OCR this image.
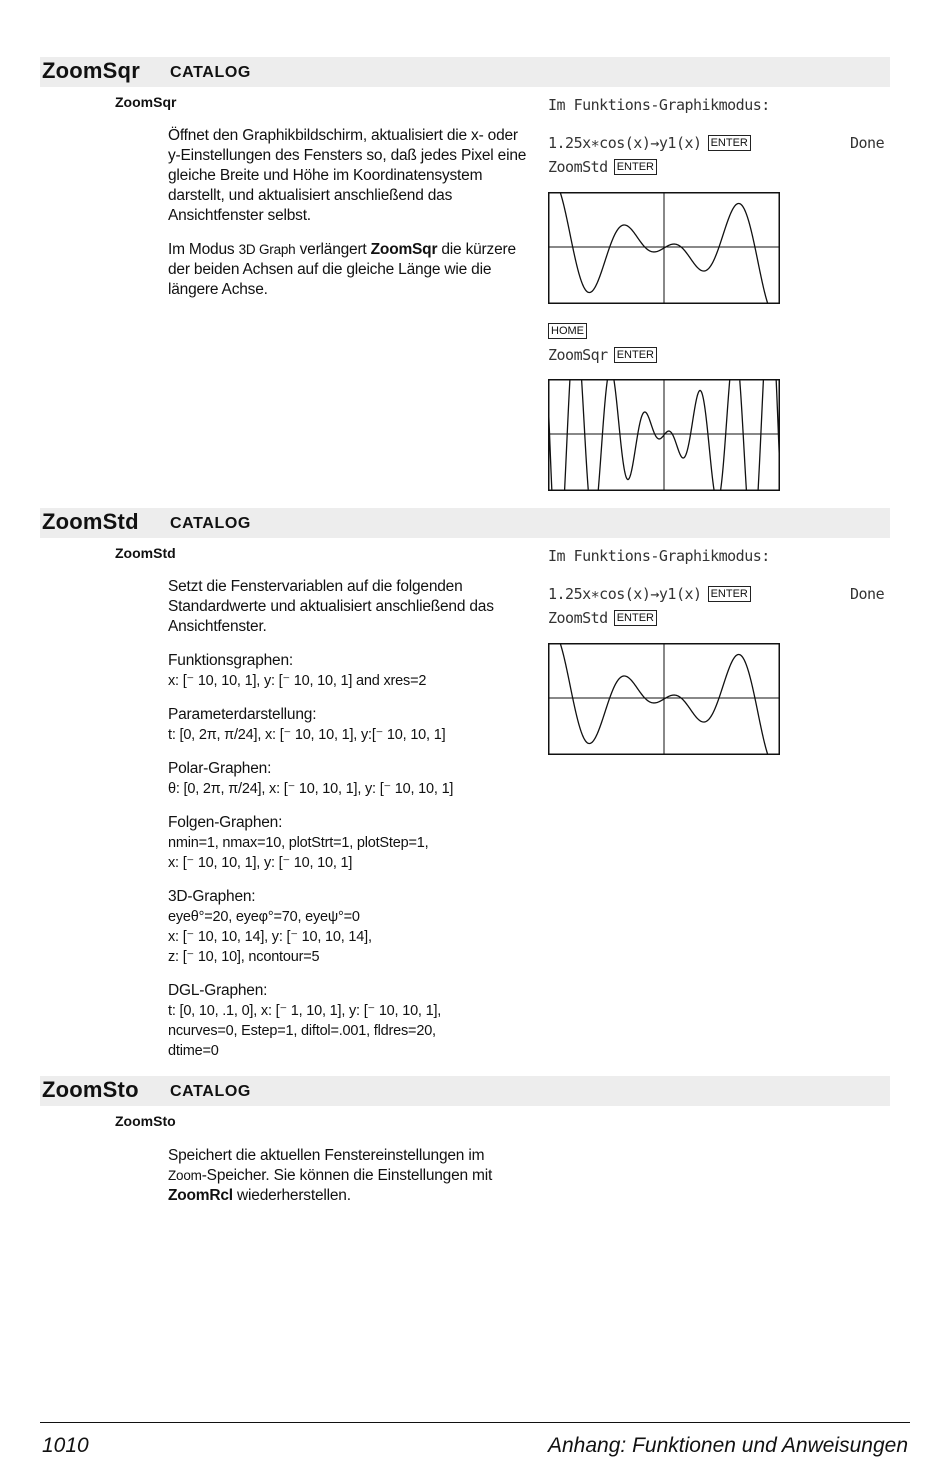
ZoomSqr CATALOG
ZoomSqr
Öffnet den Graphikbildschirm, aktualisiert die x- oder y-Einstellungen des Fensters so, daß jedes Pixel eine gleiche Breite und Höhe im Koordinatensystem darstellt, und aktualisiert anschließend das Ansichtfenster selbst.
Im Modus 3D Graph verlängert ZoomSqr die kürzere der beiden Achsen auf die gleiche Länge wie die längere Achse.
Im Funktions-Graphikmodus:
1.25x∗cos(x)→y1(x) ENTER	Done
ZoomStd ENTER
HOME
ZoomSqr ENTER
ZoomStd CATALOG
ZoomStd
Setzt die Fenstervariablen auf die folgenden Standardwerte und aktualisiert anschließend das Ansichtfenster.
Funktionsgraphen:
x: [⁻ 10, 10, 1], y: [⁻ 10, 10, 1] and xres=2
Parameterdarstellung:
t: [0, 2π, π/24], x: [⁻ 10, 10, 1], y:[⁻ 10, 10, 1]
Polar-Graphen:
θ: [0, 2π, π/24], x: [⁻ 10, 10, 1], y: [⁻ 10, 10, 1]
Folgen-Graphen:
nmin=1, nmax=10, plotStrt=1, plotStep=1,
x: [⁻ 10, 10, 1], y: [⁻ 10, 10, 1]
3D-Graphen:
eyeθ°=20, eyeφ°=70, eyeψ°=0
x: [⁻ 10, 10, 14], y: [⁻ 10, 10, 14],
z: [⁻ 10, 10], ncontour=5
DGL-Graphen:
t: [0, 10, .1, 0], x: [⁻ 1, 10, 1], y: [⁻ 10, 10, 1],
ncurves=0, Estep=1, diftol=.001, fldres=20,
dtime=0
Im Funktions-Graphikmodus:
1.25x∗cos(x)→y1(x) ENTER	Done
ZoomStd ENTER
ZoomSto CATALOG
ZoomSto
Speichert die aktuellen Fenstereinstellungen im Zoom-Speicher. Sie können die Einstellungen mit ZoomRcl wiederherstellen.
1010	Anhang: Funktionen und Anweisungen
